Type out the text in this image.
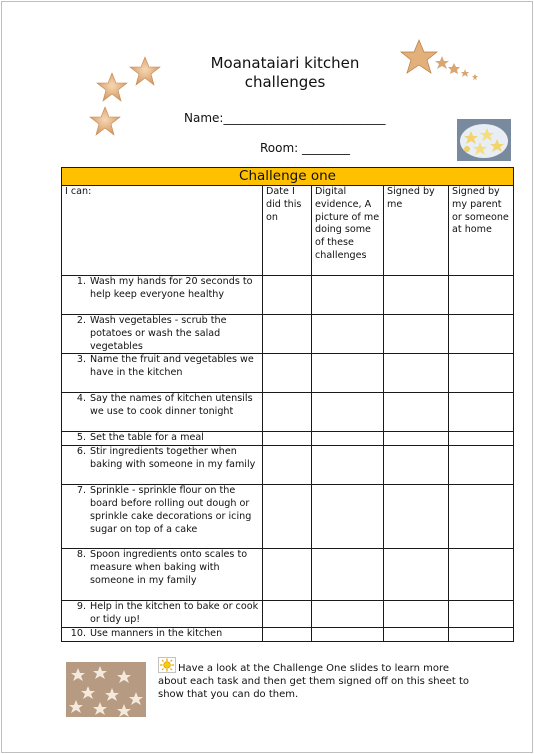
Moanataiari kitchen
challenges
Name:___________________________
Room: ________
Challenge one				
I can:	Date I did this on	Digital evidence, A picture of me doing some of these challenges	Signed by me	Signed by my parent or someone at home

1. Wash my hands for 20 seconds to help keep everyone healthy				

2. Wash vegetables - scrub the potatoes or wash the salad vegetables				

3. Name the fruit and vegetables we have in the kitchen				

4. Say the names of kitchen utensils we use to cook dinner tonight				

5. Set the table for a meal				

6. Stir ingredients together when baking with someone in my family				

7. Sprinkle - sprinkle flour on the board before rolling out dough or sprinkle cake decorations or icing sugar on top of a cake				

8. Spoon ingredients onto scales to measure when baking with someone in my family				

9. Help in the kitchen to bake or cook or tidy up!				

10. Use manners in the kitchen				

Have a look at the Challenge One slides to learn more about each task and then get them signed off on this sheet to show that you can do them.
